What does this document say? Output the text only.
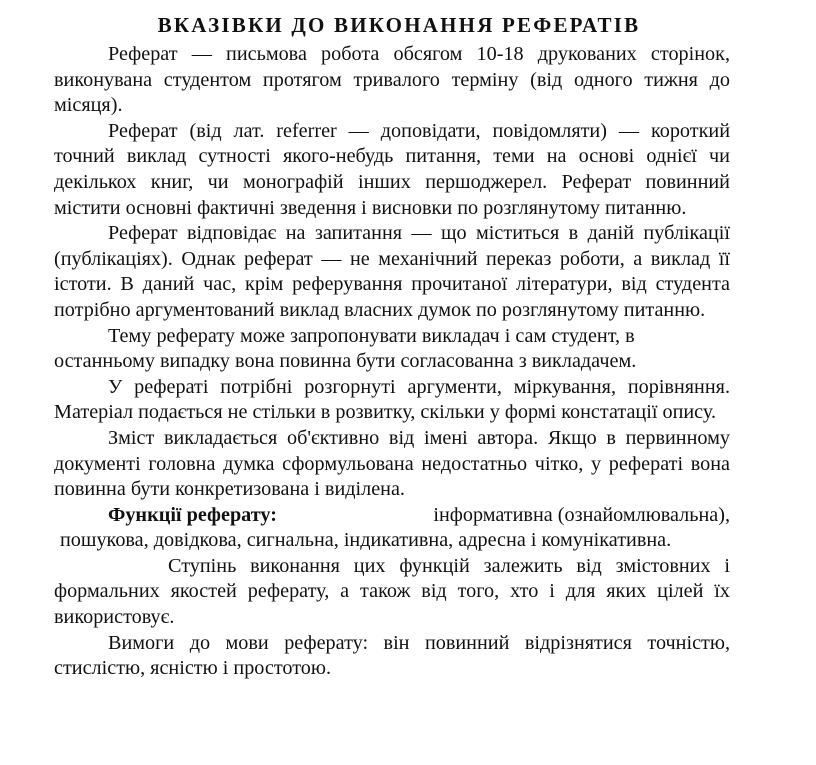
ВКАЗІВКИ ДО ВИКОНАННЯ РЕФЕРАТІВ

Реферат — письмова робота обсягом 10-18 друкованих сторінок, виконувана студентом протягом тривалого терміну (від одного тижня до місяця).

Реферат (від лат. referrer — доповідати, повідомляти) — короткий точний виклад сутності якого-небудь питання, теми на основі однієї чи декількох книг, чи монографій інших першоджерел. Реферат повинний містити основні фактичні зведення і висновки по розглянутому питанню.

Реферат відповідає на запитання — що міститься в даній публікації (публікаціях). Однак реферат — не механічний переказ роботи, а виклад її істоти. В даний час, крім реферування прочитаної літератури, від студента потрібно аргументований виклад власних думок по розглянутому питанню.

Тему реферату може запропонувати викладач і сам студент, в останньому випадку вона повинна бути согласованна з викладачем.

У рефераті потрібні розгорнуті аргументи, міркування, порівняння. Матеріал подається не стільки в розвитку, скільки у формі констатації опису.

Зміст викладається об'єктивно від імені автора. Якщо в первинному документі головна думка сформульована недостатньо чітко, у рефераті вона повинна бути конкретизована і виділена.

Функції реферату:	інформативна (ознайомлювальна),
пошукова, довідкова, сигнальна, індикативна, адресна і комунікативна.

Ступінь виконання цих функцій залежить від змістовних і формальних якостей реферату, а також від того, хто і для яких цілей їх використовує.

Вимоги до мови реферату: він повинний відрізнятися точністю, стислістю, ясністю і простотою.
